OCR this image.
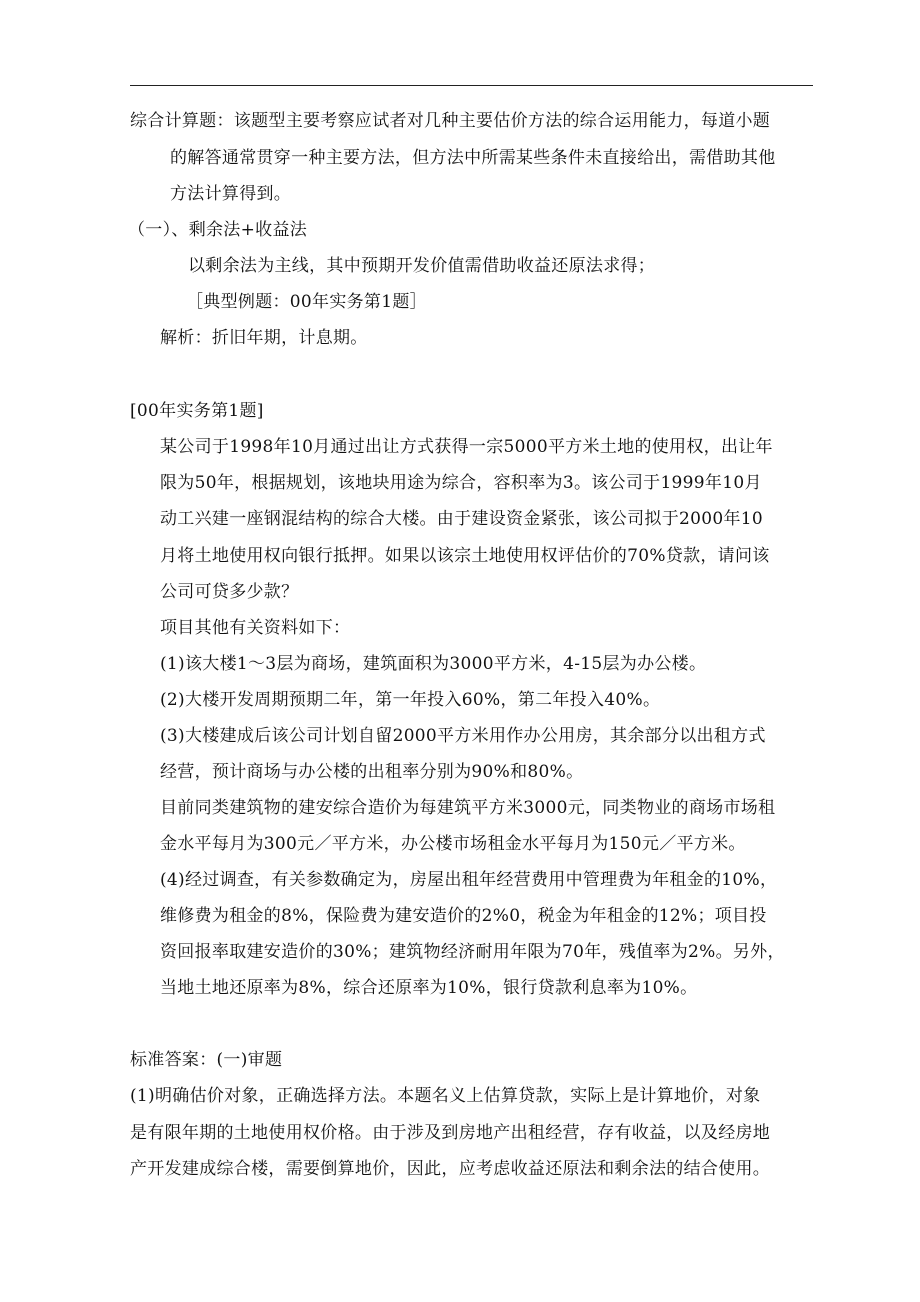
综合计算题：该题型主要考察应试者对几种主要估价方法的综合运用能力，每道小题
的解答通常贯穿一种主要方法，但方法中所需某些条件未直接给出，需借助其他
方法计算得到。
（一）、剩余法+收益法
以剩余法为主线，其中预期开发价值需借助收益还原法求得；
［典型例题：00年实务第1题］
解析：折旧年期，计息期。
[00年实务第1题]
某公司于1998年10月通过出让方式获得一宗5000平方米土地的使用权，出让年
限为50年，根据规划，该地块用途为综合，容积率为3。该公司于1999年10月
动工兴建一座钢混结构的综合大楼。由于建设资金紧张，该公司拟于2000年10
月将土地使用权向银行抵押。如果以该宗土地使用权评估价的70%贷款，请问该
公司可贷多少款？
项目其他有关资料如下：
(1)该大楼1～3层为商场，建筑面积为3000平方米，4-15层为办公楼。
(2)大楼开发周期预期二年，第一年投入60%，第二年投入40%。
(3)大楼建成后该公司计划自留2000平方米用作办公用房，其余部分以出租方式
经营，预计商场与办公楼的出租率分别为90%和80%。
目前同类建筑物的建安综合造价为每建筑平方米3000元，同类物业的商场市场租
金水平每月为300元／平方米，办公楼市场租金水平每月为150元／平方米。
(4)经过调查，有关参数确定为，房屋出租年经营费用中管理费为年租金的10%，
维修费为租金的8%，保险费为建安造价的2%0，税金为年租金的12%；项目投
资回报率取建安造价的30%；建筑物经济耐用年限为70年，残值率为2%。另外，
当地土地还原率为8%，综合还原率为10%，银行贷款利息率为10%。
标准答案：(一)审题
(1)明确估价对象，正确选择方法。本题名义上估算贷款，实际上是计算地价，对象
是有限年期的土地使用权价格。由于涉及到房地产出租经营，存有收益，以及经房地
产开发建成综合楼，需要倒算地价，因此，应考虑收益还原法和剩余法的结合使用。
